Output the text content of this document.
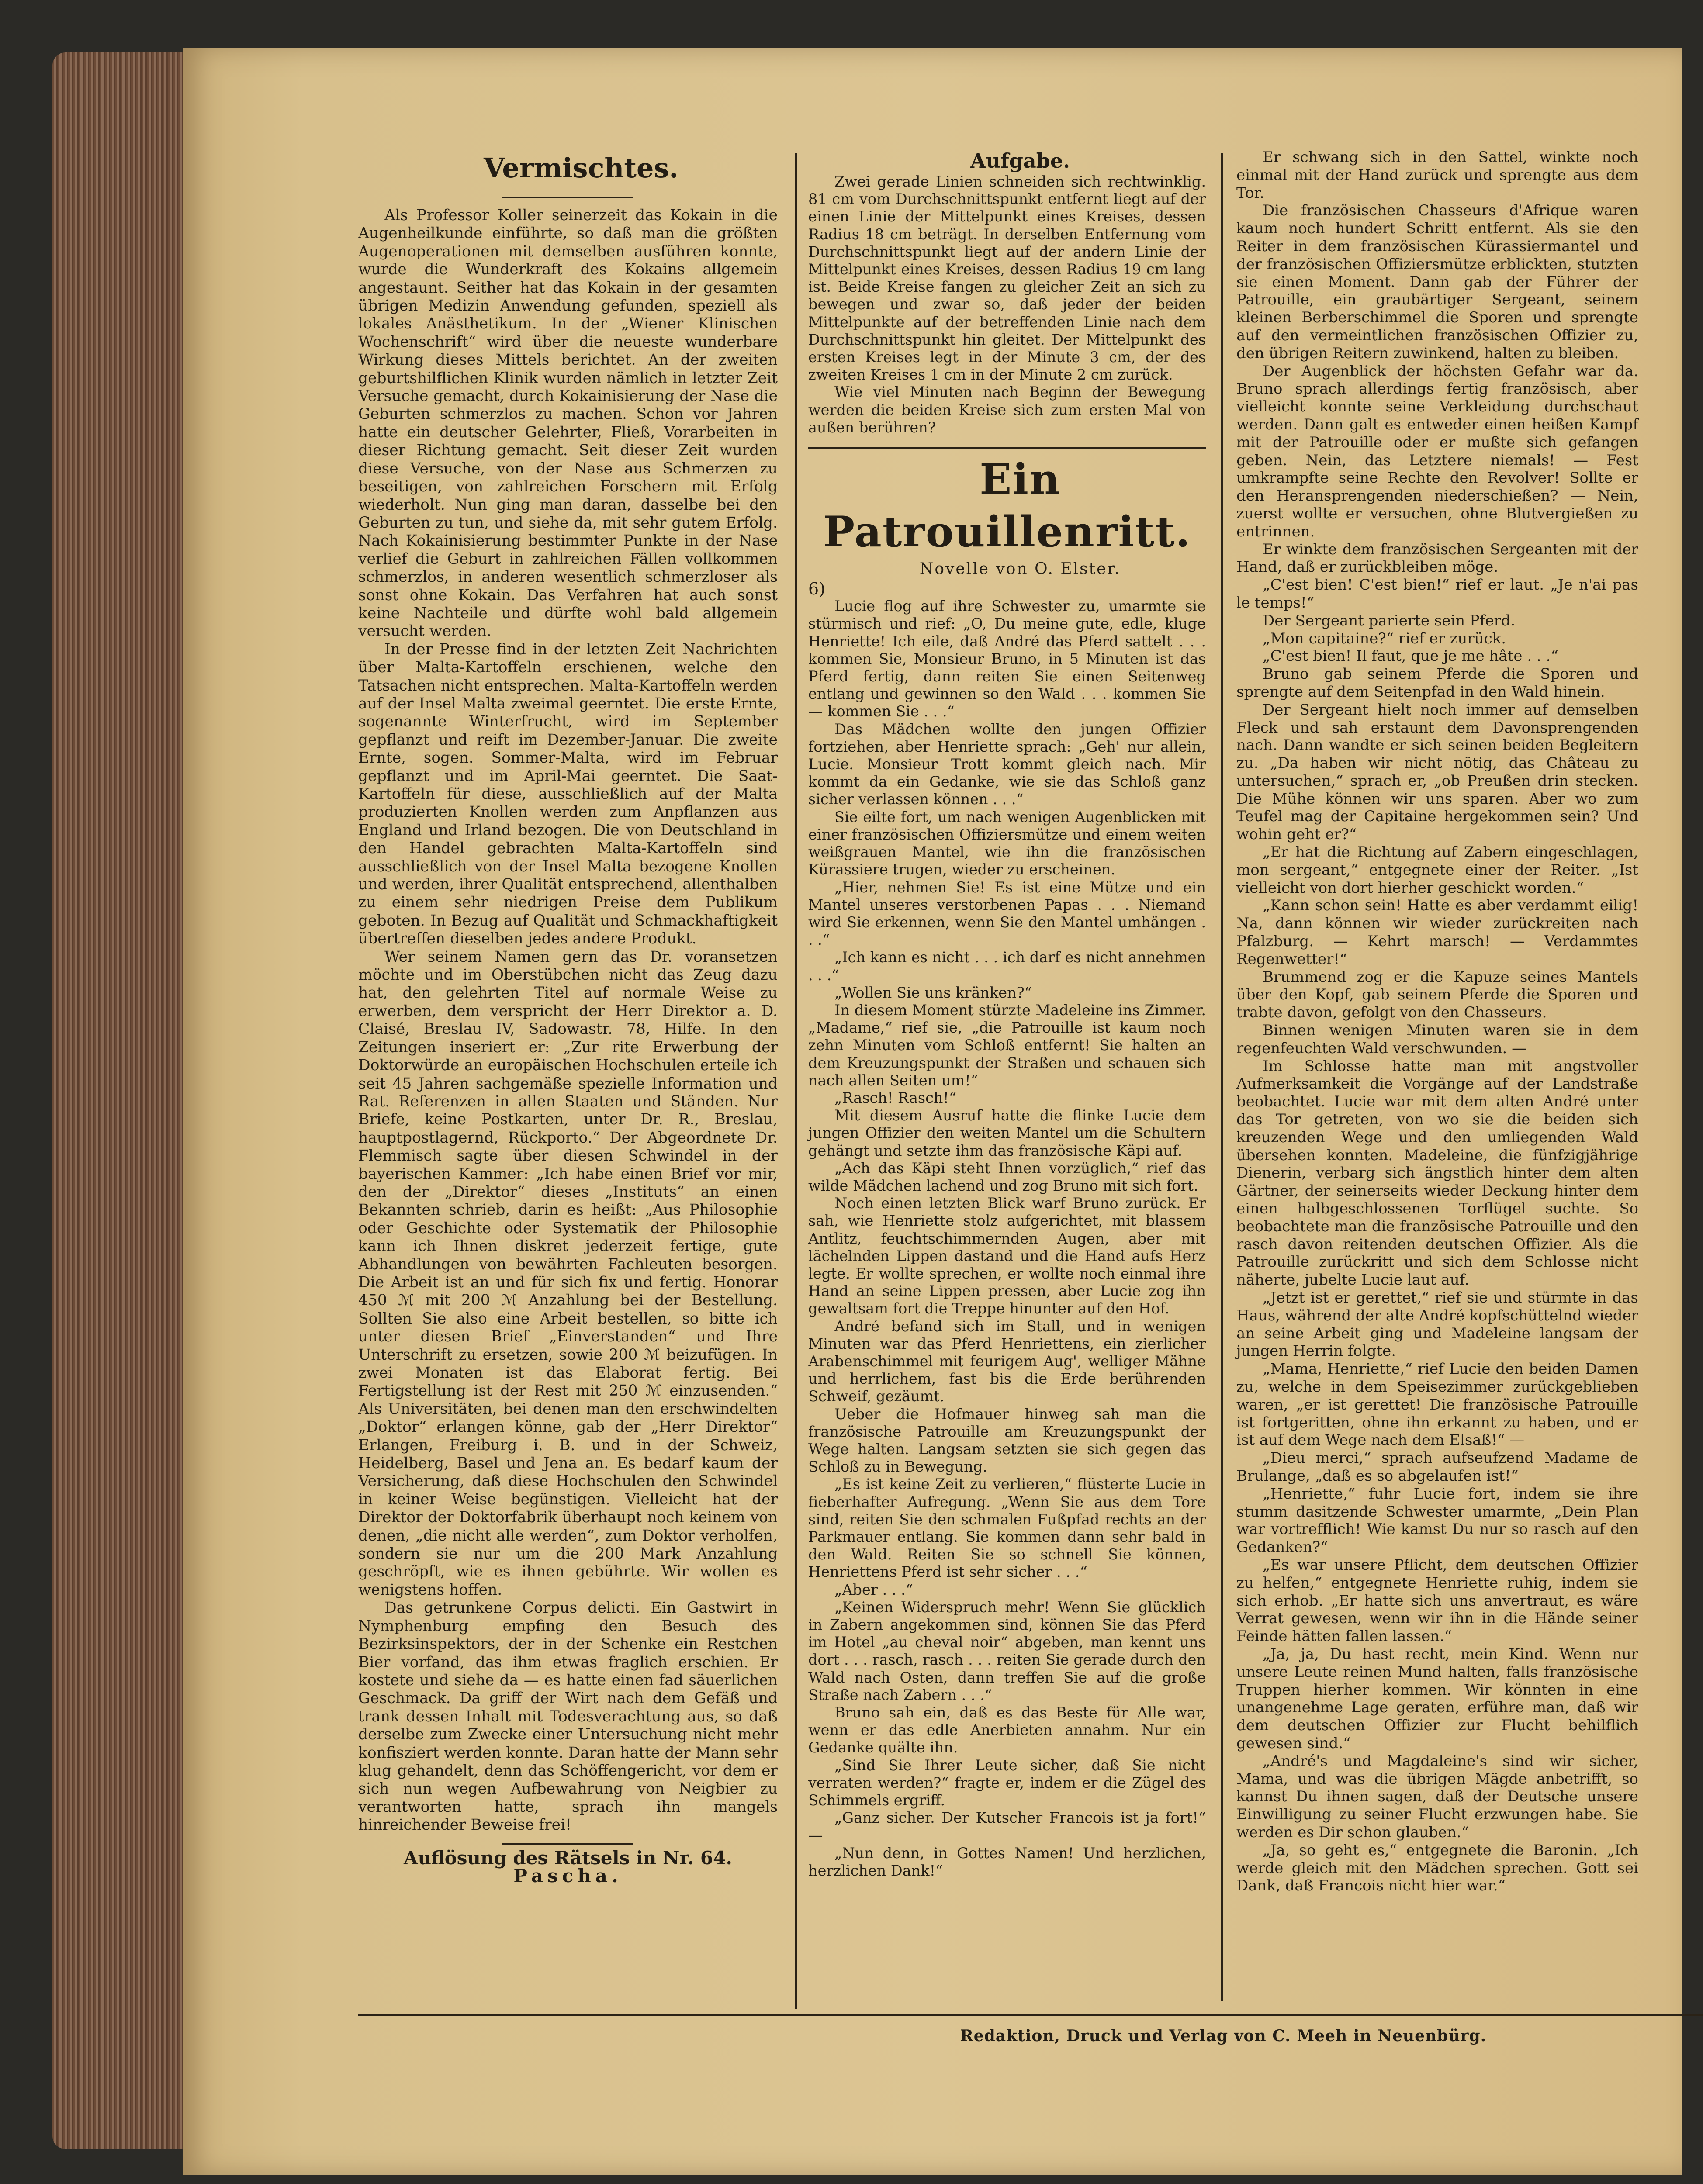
Vermischtes.

Als Professor Koller seinerzeit das Kokain in die Augenheilkunde einführte, so daß man die größten Augenoperationen mit demselben ausführen konnte, wurde die Wunderkraft des Kokains allgemein angestaunt. Seither hat das Kokain in der gesamten übrigen Medizin Anwendung gefunden, speziell als lokales Anästhetikum. In der „Wiener Klinischen Wochenschrift“ wird über die neueste wunderbare Wirkung dieses Mittels berichtet. An der zweiten geburtshilflichen Klinik wurden nämlich in letzter Zeit Versuche gemacht, durch Kokainisierung der Nase die Geburten schmerzlos zu machen. Schon vor Jahren hatte ein deutscher Gelehrter, Fließ, Vorarbeiten in dieser Richtung gemacht. Seit dieser Zeit wurden diese Versuche, von der Nase aus Schmerzen zu beseitigen, von zahlreichen Forschern mit Erfolg wiederholt. Nun ging man daran, dasselbe bei den Geburten zu tun, und siehe da, mit sehr gutem Erfolg. Nach Kokainisierung bestimmter Punkte in der Nase verlief die Geburt in zahlreichen Fällen vollkommen schmerzlos, in anderen wesentlich schmerzloser als sonst ohne Kokain. Das Verfahren hat auch sonst keine Nachteile und dürfte wohl bald allgemein versucht werden.

In der Presse find in der letzten Zeit Nachrichten über Malta-Kartoffeln erschienen, welche den Tatsachen nicht entsprechen. Malta-Kartoffeln werden auf der Insel Malta zweimal geerntet. Die erste Ernte, sogenannte Winterfrucht, wird im September gepflanzt und reift im Dezember-Januar. Die zweite Ernte, sogen. Sommer-Malta, wird im Februar gepflanzt und im April-Mai geerntet. Die Saat-Kartoffeln für diese, ausschließlich auf der Malta produzierten Knollen werden zum Anpflanzen aus England und Irland bezogen. Die von Deutschland in den Handel gebrachten Malta-Kartoffeln sind ausschließlich von der Insel Malta bezogene Knollen und werden, ihrer Qualität entsprechend, allenthalben zu einem sehr niedrigen Preise dem Publikum geboten. In Bezug auf Qualität und Schmackhaftigkeit übertreffen dieselben jedes andere Produkt.

Wer seinem Namen gern das Dr. voransetzen möchte und im Oberstübchen nicht das Zeug dazu hat, den gelehrten Titel auf normale Weise zu erwerben, dem verspricht der Herr Direktor a. D. Claisé, Breslau IV, Sadowastr. 78, Hilfe. In den Zeitungen inseriert er: „Zur rite Erwerbung der Doktorwürde an europäischen Hochschulen erteile ich seit 45 Jahren sachgemäße spezielle Information und Rat. Referenzen in allen Staaten und Ständen. Nur Briefe, keine Postkarten, unter Dr. R., Breslau, hauptpostlagernd, Rückporto.“ Der Abgeordnete Dr. Flemmisch sagte über diesen Schwindel in der bayerischen Kammer: „Ich habe einen Brief vor mir, den der „Direktor“ dieses „Instituts“ an einen Bekannten schrieb, darin es heißt: „Aus Philosophie oder Geschichte oder Systematik der Philosophie kann ich Ihnen diskret jederzeit fertige, gute Abhandlungen von bewährten Fachleuten besorgen. Die Arbeit ist an und für sich fix und fertig. Honorar 450 ℳ mit 200 ℳ Anzahlung bei der Bestellung. Sollten Sie also eine Arbeit bestellen, so bitte ich unter diesen Brief „Einverstanden“ und Ihre Unterschrift zu ersetzen, sowie 200 ℳ beizufügen. In zwei Monaten ist das Elaborat fertig. Bei Fertigstellung ist der Rest mit 250 ℳ einzusenden.“ Als Universitäten, bei denen man den erschwindelten „Doktor“ erlangen könne, gab der „Herr Direktor“ Erlangen, Freiburg i. B. und in der Schweiz, Heidelberg, Basel und Jena an. Es bedarf kaum der Versicherung, daß diese Hochschulen den Schwindel in keiner Weise begünstigen. Vielleicht hat der Direktor der Doktorfabrik überhaupt noch keinem von denen, „die nicht alle werden“, zum Doktor verholfen, sondern sie nur um die 200 Mark Anzahlung geschröpft, wie es ihnen gebührte. Wir wollen es wenigstens hoffen.

Das getrunkene Corpus delicti. Ein Gastwirt in Nymphenburg empfing den Besuch des Bezirksinspektors, der in der Schenke ein Restchen Bier vorfand, das ihm etwas fraglich erschien. Er kostete und siehe da — es hatte einen fad säuerlichen Geschmack. Da griff der Wirt nach dem Gefäß und trank dessen Inhalt mit Todesverachtung aus, so daß derselbe zum Zwecke einer Untersuchung nicht mehr konfisziert werden konnte. Daran hatte der Mann sehr klug gehandelt, denn das Schöffengericht, vor dem er sich nun wegen Aufbewahrung von Neigbier zu verantworten hatte, sprach ihn mangels hinreichender Beweise frei!

Auflösung des Rätsels in Nr. 64.

Pascha.

Aufgabe.

Zwei gerade Linien schneiden sich rechtwinklig. 81 cm vom Durchschnittspunkt entfernt liegt auf der einen Linie der Mittelpunkt eines Kreises, dessen Radius 18 cm beträgt. In derselben Entfernung vom Durchschnittspunkt liegt auf der andern Linie der Mittelpunkt eines Kreises, dessen Radius 19 cm lang ist. Beide Kreise fangen zu gleicher Zeit an sich zu bewegen und zwar so, daß jeder der beiden Mittelpunkte auf der betreffenden Linie nach dem Durchschnittspunkt hin gleitet. Der Mittelpunkt des ersten Kreises legt in der Minute 3 cm, der des zweiten Kreises 1 cm in der Minute 2 cm zurück.

Wie viel Minuten nach Beginn der Bewegung werden die beiden Kreise sich zum ersten Mal von außen berühren?

Ein Patrouillenritt.

Novelle von O. Elster.

6)

Lucie flog auf ihre Schwester zu, umarmte sie stürmisch und rief: „O, Du meine gute, edle, kluge Henriette! Ich eile, daß André das Pferd sattelt . . . kommen Sie, Monsieur Bruno, in 5 Minuten ist das Pferd fertig, dann reiten Sie einen Seitenweg entlang und gewinnen so den Wald . . . kommen Sie — kommen Sie . . .“

Das Mädchen wollte den jungen Offizier fortziehen, aber Henriette sprach: „Geh' nur allein, Lucie. Monsieur Trott kommt gleich nach. Mir kommt da ein Gedanke, wie sie das Schloß ganz sicher verlassen können . . .“

Sie eilte fort, um nach wenigen Augenblicken mit einer französischen Offiziersmütze und einem weiten weißgrauen Mantel, wie ihn die französischen Kürassiere trugen, wieder zu erscheinen.

„Hier, nehmen Sie! Es ist eine Mütze und ein Mantel unseres verstorbenen Papas . . . Niemand wird Sie erkennen, wenn Sie den Mantel umhängen . . .“

„Ich kann es nicht . . . ich darf es nicht annehmen . . .“

„Wollen Sie uns kränken?“

In diesem Moment stürzte Madeleine ins Zimmer. „Madame,“ rief sie, „die Patrouille ist kaum noch zehn Minuten vom Schloß entfernt! Sie halten an dem Kreuzungspunkt der Straßen und schauen sich nach allen Seiten um!“

„Rasch! Rasch!“

Mit diesem Ausruf hatte die flinke Lucie dem jungen Offizier den weiten Mantel um die Schultern gehängt und setzte ihm das französische Käpi auf.

„Ach das Käpi steht Ihnen vorzüglich,“ rief das wilde Mädchen lachend und zog Bruno mit sich fort.

Noch einen letzten Blick warf Bruno zurück. Er sah, wie Henriette stolz aufgerichtet, mit blassem Antlitz, feuchtschimmernden Augen, aber mit lächelnden Lippen dastand und die Hand aufs Herz legte. Er wollte sprechen, er wollte noch einmal ihre Hand an seine Lippen pressen, aber Lucie zog ihn gewaltsam fort die Treppe hinunter auf den Hof.

André befand sich im Stall, und in wenigen Minuten war das Pferd Henriettens, ein zierlicher Arabenschimmel mit feurigem Aug', welliger Mähne und herrlichem, fast bis die Erde berührenden Schweif, gezäumt.

Ueber die Hofmauer hinweg sah man die französische Patrouille am Kreuzungspunkt der Wege halten. Langsam setzten sie sich gegen das Schloß zu in Bewegung.

„Es ist keine Zeit zu verlieren,“ flüsterte Lucie in fieberhafter Aufregung. „Wenn Sie aus dem Tore sind, reiten Sie den schmalen Fußpfad rechts an der Parkmauer entlang. Sie kommen dann sehr bald in den Wald. Reiten Sie so schnell Sie können, Henriettens Pferd ist sehr sicher . . .“

„Aber . . .“

„Keinen Widerspruch mehr! Wenn Sie glücklich in Zabern angekommen sind, können Sie das Pferd im Hotel „au cheval noir“ abgeben, man kennt uns dort . . . rasch, rasch . . . reiten Sie gerade durch den Wald nach Osten, dann treffen Sie auf die große Straße nach Zabern . . .“

Bruno sah ein, daß es das Beste für Alle war, wenn er das edle Anerbieten annahm. Nur ein Gedanke quälte ihn.

„Sind Sie Ihrer Leute sicher, daß Sie nicht verraten werden?“ fragte er, indem er die Zügel des Schimmels ergriff.

„Ganz sicher. Der Kutscher Francois ist ja fort!“ —

„Nun denn, in Gottes Namen! Und herzlichen, herzlichen Dank!“

Er schwang sich in den Sattel, winkte noch einmal mit der Hand zurück und sprengte aus dem Tor.

Die französischen Chasseurs d'Afrique waren kaum noch hundert Schritt entfernt. Als sie den Reiter in dem französischen Kürassiermantel und der französischen Offiziersmütze erblickten, stutzten sie einen Moment. Dann gab der Führer der Patrouille, ein graubärtiger Sergeant, seinem kleinen Berberschimmel die Sporen und sprengte auf den vermeintlichen französischen Offizier zu, den übrigen Reitern zuwinkend, halten zu bleiben.

Der Augenblick der höchsten Gefahr war da. Bruno sprach allerdings fertig französisch, aber vielleicht konnte seine Verkleidung durchschaut werden. Dann galt es entweder einen heißen Kampf mit der Patrouille oder er mußte sich gefangen geben. Nein, das Letztere niemals! — Fest umkrampfte seine Rechte den Revolver! Sollte er den Heransprengenden niederschießen? — Nein, zuerst wollte er versuchen, ohne Blutvergießen zu entrinnen.

Er winkte dem französischen Sergeanten mit der Hand, daß er zurückbleiben möge.

„C'est bien! C'est bien!“ rief er laut. „Je n'ai pas le temps!“

Der Sergeant parierte sein Pferd.

„Mon capitaine?“ rief er zurück.

„C'est bien! Il faut, que je me hâte . . .“

Bruno gab seinem Pferde die Sporen und sprengte auf dem Seitenpfad in den Wald hinein.

Der Sergeant hielt noch immer auf demselben Fleck und sah erstaunt dem Davonsprengenden nach. Dann wandte er sich seinen beiden Begleitern zu. „Da haben wir nicht nötig, das Château zu untersuchen,“ sprach er, „ob Preußen drin stecken. Die Mühe können wir uns sparen. Aber wo zum Teufel mag der Capitaine hergekommen sein? Und wohin geht er?“

„Er hat die Richtung auf Zabern eingeschlagen, mon sergeant,“ entgegnete einer der Reiter. „Ist vielleicht von dort hierher geschickt worden.“

„Kann schon sein! Hatte es aber verdammt eilig! Na, dann können wir wieder zurückreiten nach Pfalzburg. — Kehrt marsch! — Verdammtes Regenwetter!“

Brummend zog er die Kapuze seines Mantels über den Kopf, gab seinem Pferde die Sporen und trabte davon, gefolgt von den Chasseurs.

Binnen wenigen Minuten waren sie in dem regenfeuchten Wald verschwunden. —

Im Schlosse hatte man mit angstvoller Aufmerksamkeit die Vorgänge auf der Landstraße beobachtet. Lucie war mit dem alten André unter das Tor getreten, von wo sie die beiden sich kreuzenden Wege und den umliegenden Wald übersehen konnten. Madeleine, die fünfzigjährige Dienerin, verbarg sich ängstlich hinter dem alten Gärtner, der seinerseits wieder Deckung hinter dem einen halbgeschlossenen Torflügel suchte. So beobachtete man die französische Patrouille und den rasch davon reitenden deutschen Offizier. Als die Patrouille zurückritt und sich dem Schlosse nicht näherte, jubelte Lucie laut auf.

„Jetzt ist er gerettet,“ rief sie und stürmte in das Haus, während der alte André kopfschüttelnd wieder an seine Arbeit ging und Madeleine langsam der jungen Herrin folgte.

„Mama, Henriette,“ rief Lucie den beiden Damen zu, welche in dem Speisezimmer zurückgeblieben waren, „er ist gerettet! Die französische Patrouille ist fortgeritten, ohne ihn erkannt zu haben, und er ist auf dem Wege nach dem Elsaß!“ —

„Dieu merci,“ sprach aufseufzend Madame de Brulange, „daß es so abgelaufen ist!“

„Henriette,“ fuhr Lucie fort, indem sie ihre stumm dasitzende Schwester umarmte, „Dein Plan war vortrefflich! Wie kamst Du nur so rasch auf den Gedanken?“

„Es war unsere Pflicht, dem deutschen Offizier zu helfen,“ entgegnete Henriette ruhig, indem sie sich erhob. „Er hatte sich uns anvertraut, es wäre Verrat gewesen, wenn wir ihn in die Hände seiner Feinde hätten fallen lassen.“

„Ja, ja, Du hast recht, mein Kind. Wenn nur unsere Leute reinen Mund halten, falls französische Truppen hierher kommen. Wir könnten in eine unangenehme Lage geraten, erführe man, daß wir dem deutschen Offizier zur Flucht behilflich gewesen sind.“

„André's und Magdaleine's sind wir sicher, Mama, und was die übrigen Mägde anbetrifft, so kannst Du ihnen sagen, daß der Deutsche unsere Einwilligung zu seiner Flucht erzwungen habe. Sie werden es Dir schon glauben.“

„Ja, so geht es,“ entgegnete die Baronin. „Ich werde gleich mit den Mädchen sprechen. Gott sei Dank, daß Francois nicht hier war.“

Redaktion, Druck und Verlag von C. Meeh in Neuenbürg.
